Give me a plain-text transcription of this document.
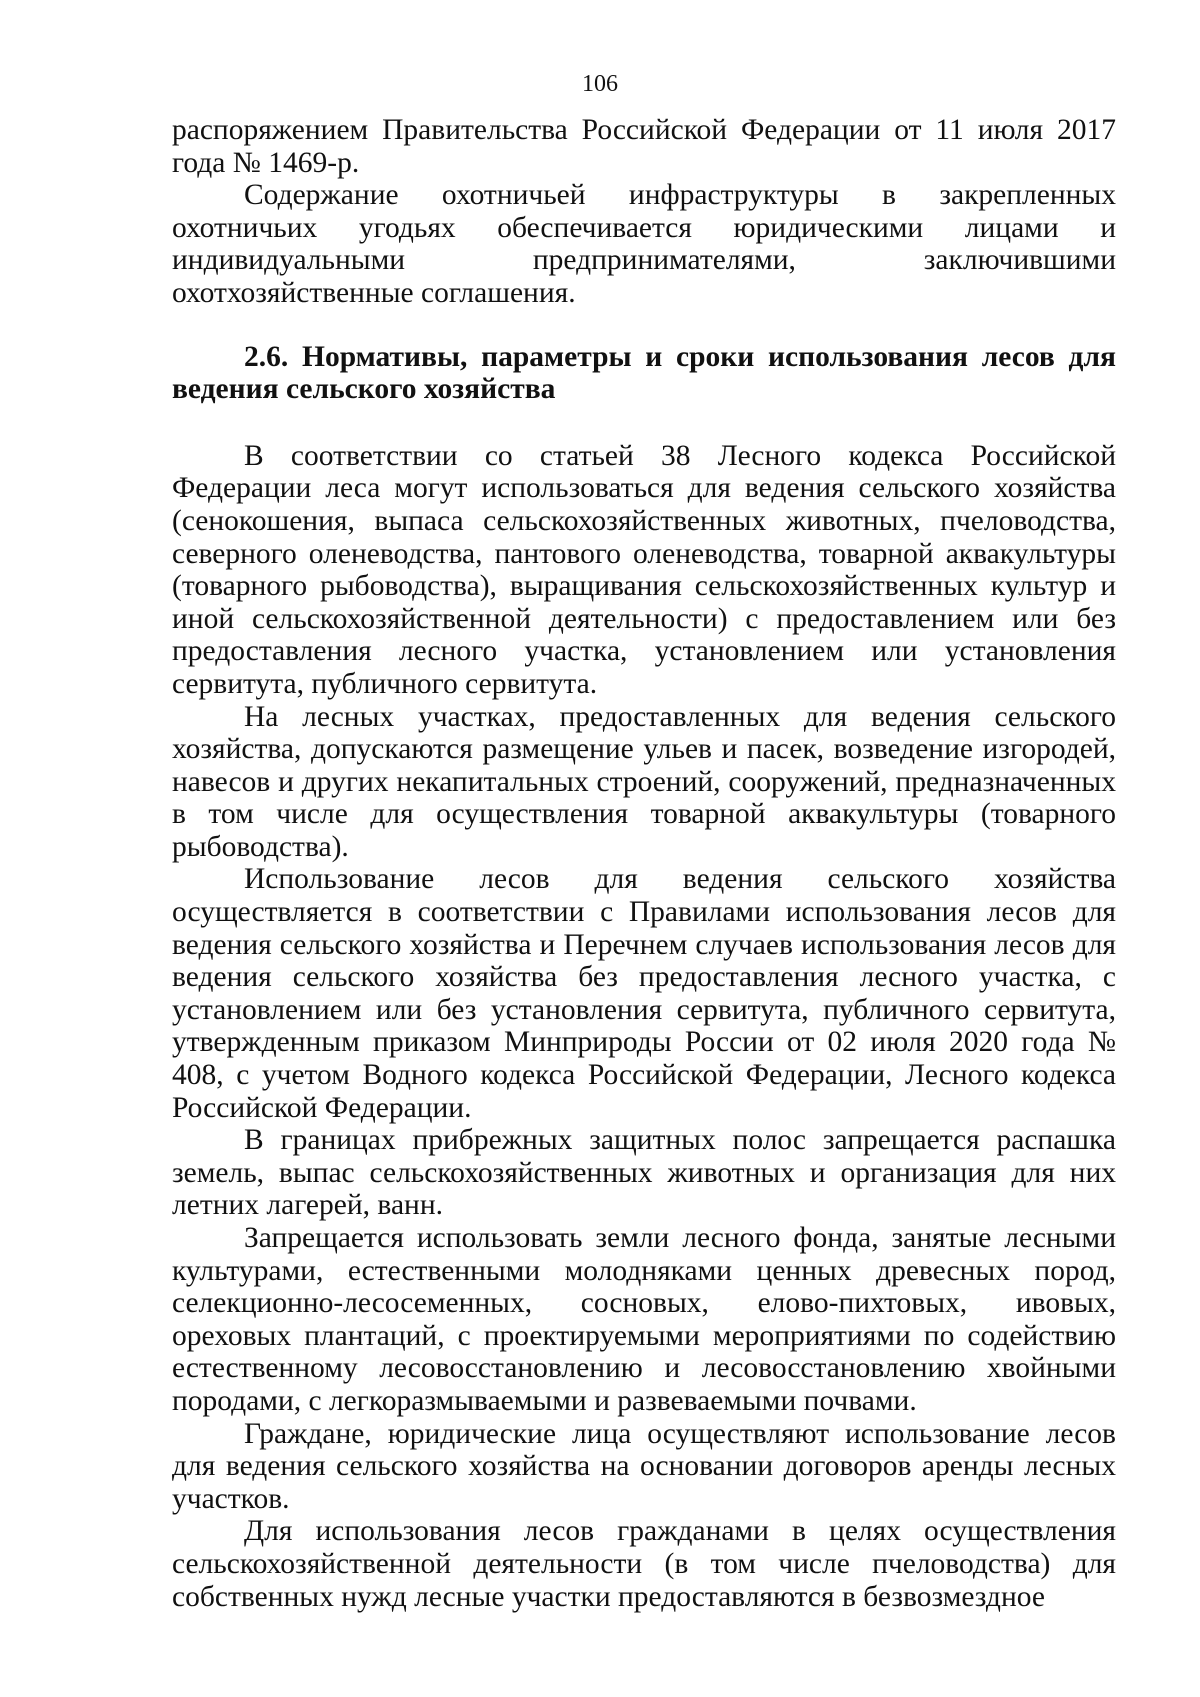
106

распоряжением Правительства Российской Федерации от 11 июля 2017 года № 1469-р.

Содержание охотничьей инфраструктуры в закрепленных охотничьих угодьях обеспечивается юридическими лицами и индивидуальными предпринимателями, заключившими охотхозяйственные соглашения.

2.6. Нормативы, параметры и сроки использования лесов для ведения сельского хозяйства

В соответствии со статьей 38 Лесного кодекса Российской Федерации леса могут использоваться для ведения сельского хозяйства (сенокошения, выпаса сельскохозяйственных животных, пчеловодства, северного оленеводства, пантового оленеводства, товарной аквакультуры (товарного рыбоводства), выращивания сельскохозяйственных культур и иной сельскохозяйственной деятельности) с предоставлением или без предоставления лесного участка, установлением или установления сервитута, публичного сервитута.

На лесных участках, предоставленных для ведения сельского хозяйства, допускаются размещение ульев и пасек, возведение изгородей, навесов и других некапитальных строений, сооружений, предназначенных в том числе для осуществления товарной аквакультуры (товарного рыбоводства).

Использование лесов для ведения сельского хозяйства осуществляется в соответствии с Правилами использования лесов для ведения сельского хозяйства и Перечнем случаев использования лесов для ведения сельского хозяйства без предоставления лесного участка, с установлением или без установления сервитута, публичного сервитута, утвержденным приказом Минприроды России от 02 июля 2020 года № 408, с учетом Водного кодекса Российской Федерации, Лесного кодекса Российской Федерации.

В границах прибрежных защитных полос запрещается распашка земель, выпас сельскохозяйственных животных и организация для них летних лагерей, ванн.

Запрещается использовать земли лесного фонда, занятые лесными культурами, естественными молодняками ценных древесных пород, селекционно-лесосеменных, сосновых, елово-пихтовых, ивовых, ореховых плантаций, с проектируемыми мероприятиями по содействию естественному лесовосстановлению и лесовосстановлению хвойными породами, с легкоразмываемыми и развеваемыми почвами.

Граждане, юридические лица осуществляют использование лесов для ведения сельского хозяйства на основании договоров аренды лесных участков.

Для использования лесов гражданами в целях осуществления сельскохозяйственной деятельности (в том числе пчеловодства) для собственных нужд лесные участки предоставляются в безвозмездное
